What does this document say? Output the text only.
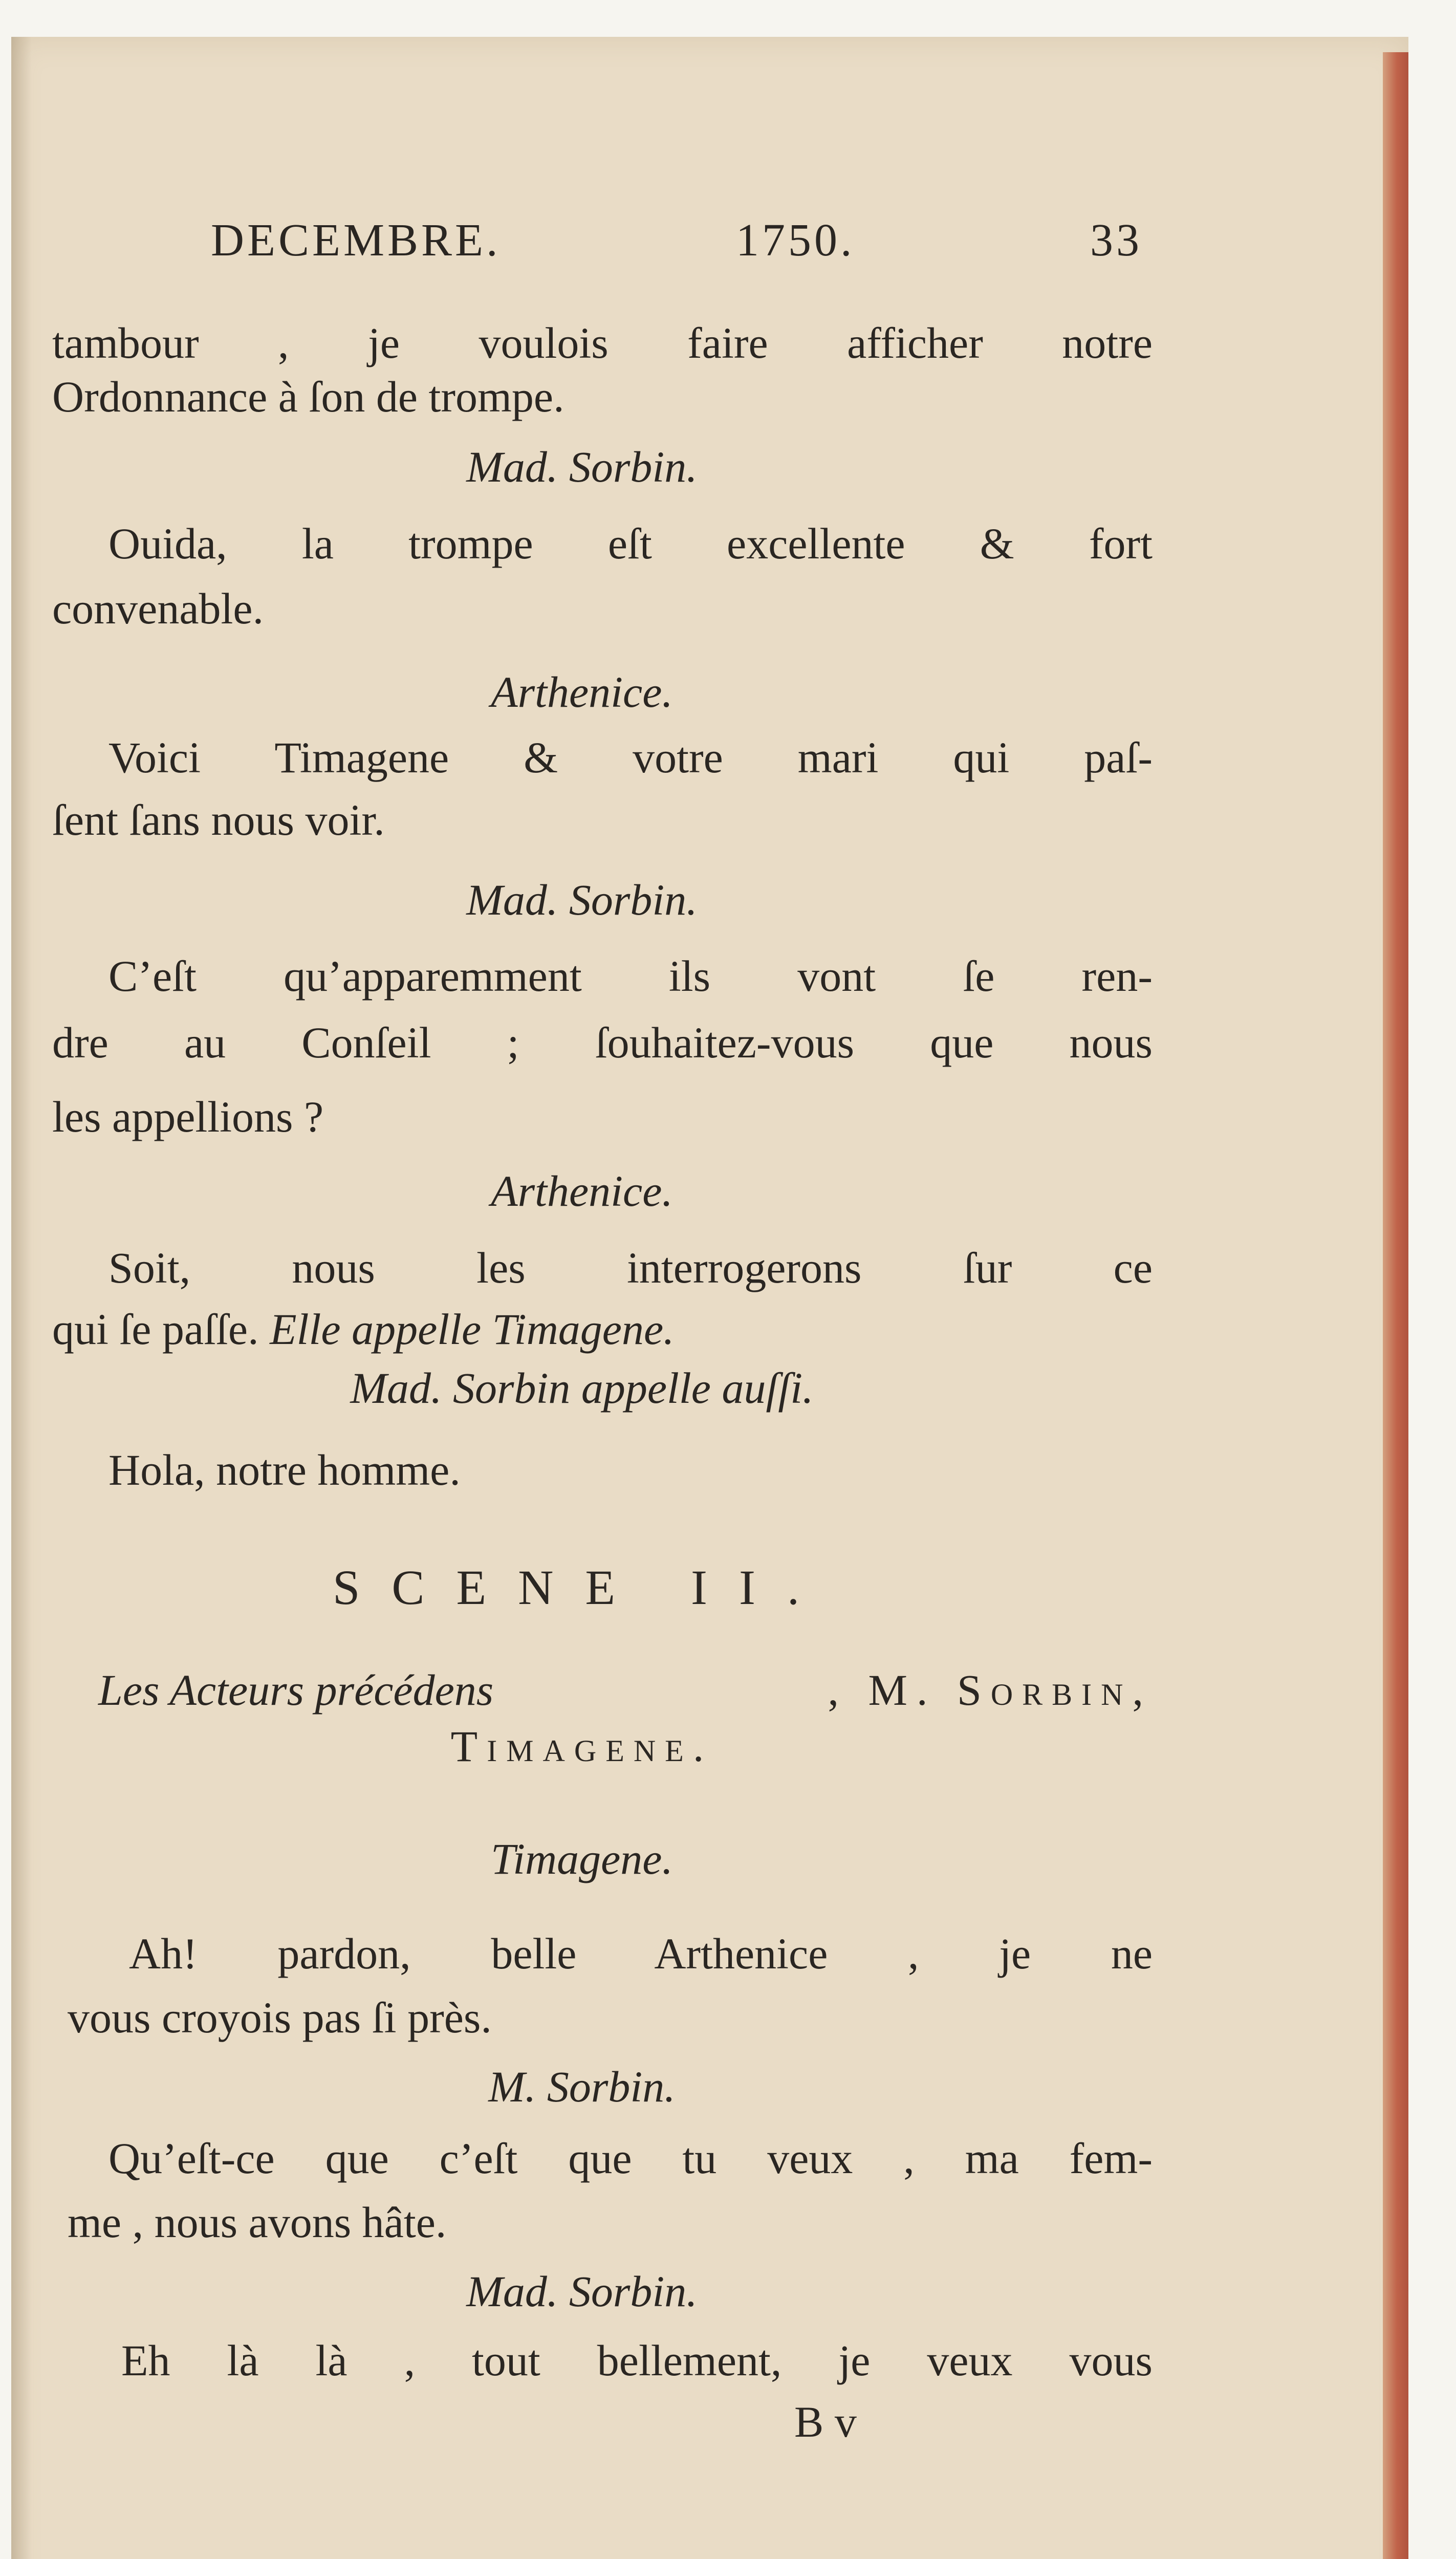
DECEMBRE.	1750.	33
tambour , je voulois faire afficher notre
Ordonnance à ſon de trompe.
Mad. Sorbin.
Ouida, la trompe eſt excellente & fort
convenable.
Arthenice.
Voici Timagene & votre mari qui paſ-
ſent ſans nous voir.
Mad. Sorbin.
C’eſt qu’apparemment ils vont ſe ren-
dre au Conſeil ; ſouhaitez-vous que nous
les appellions ?
Arthenice.
Soit, nous les interrogerons ſur ce
qui ſe paſſe. Elle appelle Timagene.
Mad. Sorbin appelle auſſi.
Hola, notre homme.
SCENE II.
Les Acteurs précédens	, M. Sorbin,
Timagene.
Timagene.
Ah! pardon, belle Arthenice , je ne
vous croyois pas ſi près.
M. Sorbin.
Qu’eſt-ce que c’eſt que tu veux , ma fem-
me , nous avons hâte.
Mad. Sorbin.
Eh là là , tout bellement, je veux vous
B v
